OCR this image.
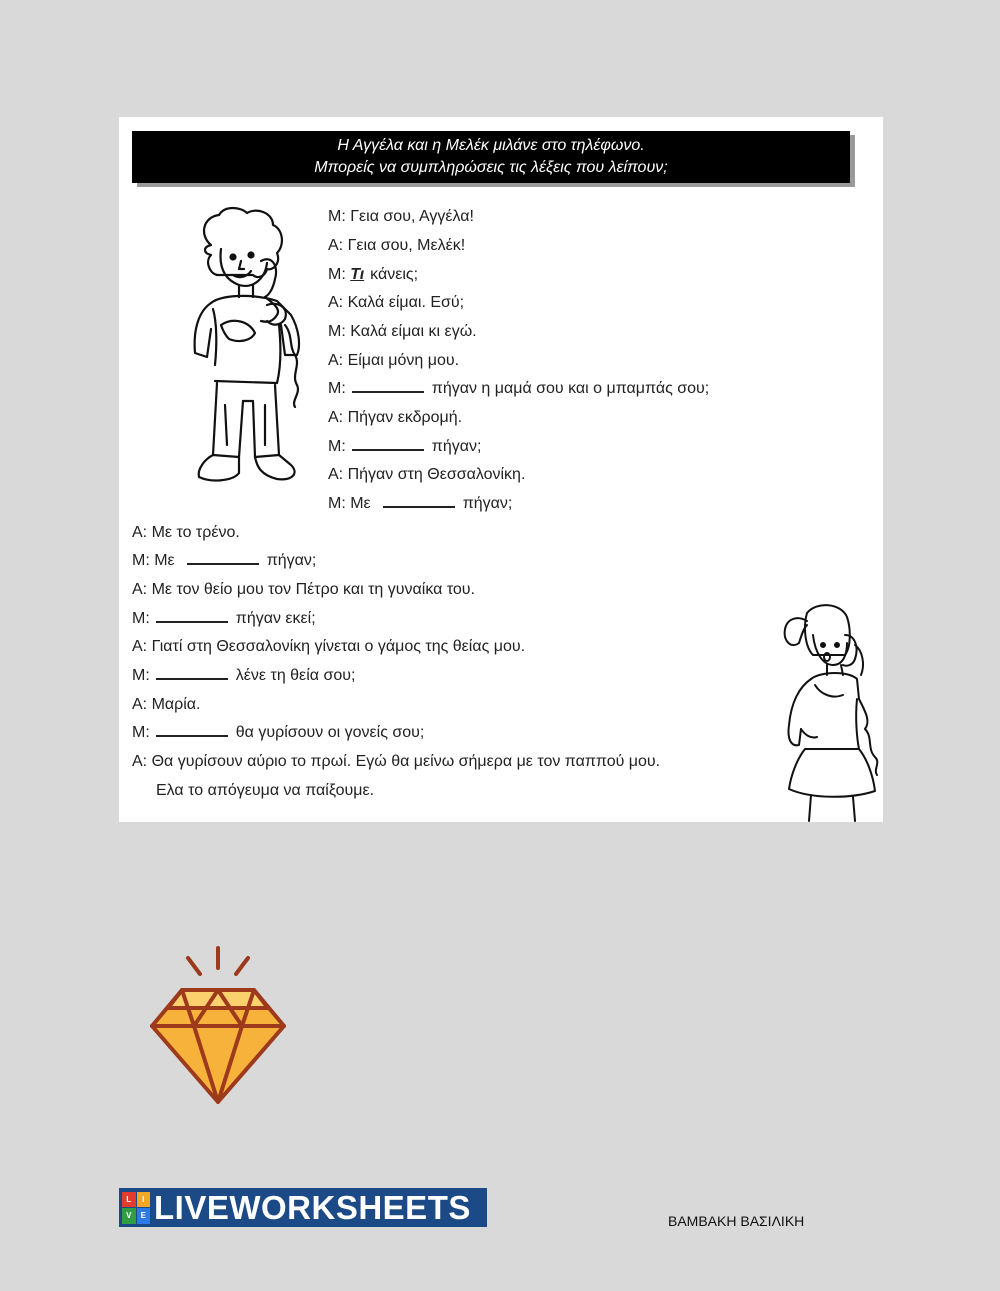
Η Αγγέλα και η Μελέκ μιλάνε στο τηλέφωνο.
Μπορείς να συμπληρώσεις τις λέξεις που λείπουν;
Μ: Γεια σου, Αγγέλα!
Α: Γεια σου, Μελέκ!
Μ: Τι κάνεις;
Α: Καλά είμαι. Εσύ;
Μ: Καλά είμαι κι εγώ.
Α: Είμαι μόνη μου.
Μ:	πήγαν η μαμά σου και ο μπαμπάς σου;
Α: Πήγαν εκδρομή.
Μ:	πήγαν;
Α: Πήγαν στη Θεσσαλονίκη.
Μ: Με	πήγαν;
Α: Με το τρένο.
Μ: Με	πήγαν;
Α: Με τον θείο μου τον Πέτρο και τη γυναίκα του.
Μ:	πήγαν εκεί;
Α: Γιατί στη Θεσσαλονίκη γίνεται ο γάμος της θείας μου.
Μ:	λένε τη θεία σου;
Α: Μαρία.
Μ:	θα γυρίσουν οι γονείς σου;
Α: Θα γυρίσουν αύριο το πρωί. Εγώ θα μείνω σήμερα με τον παππού μου.
Ελα το απόγευμα να παίξουμε.
L	I
V	E LIVEWORKSHEETS	ΒΑΜΒΑΚΗ ΒΑΣΙΛΙΚΗ
